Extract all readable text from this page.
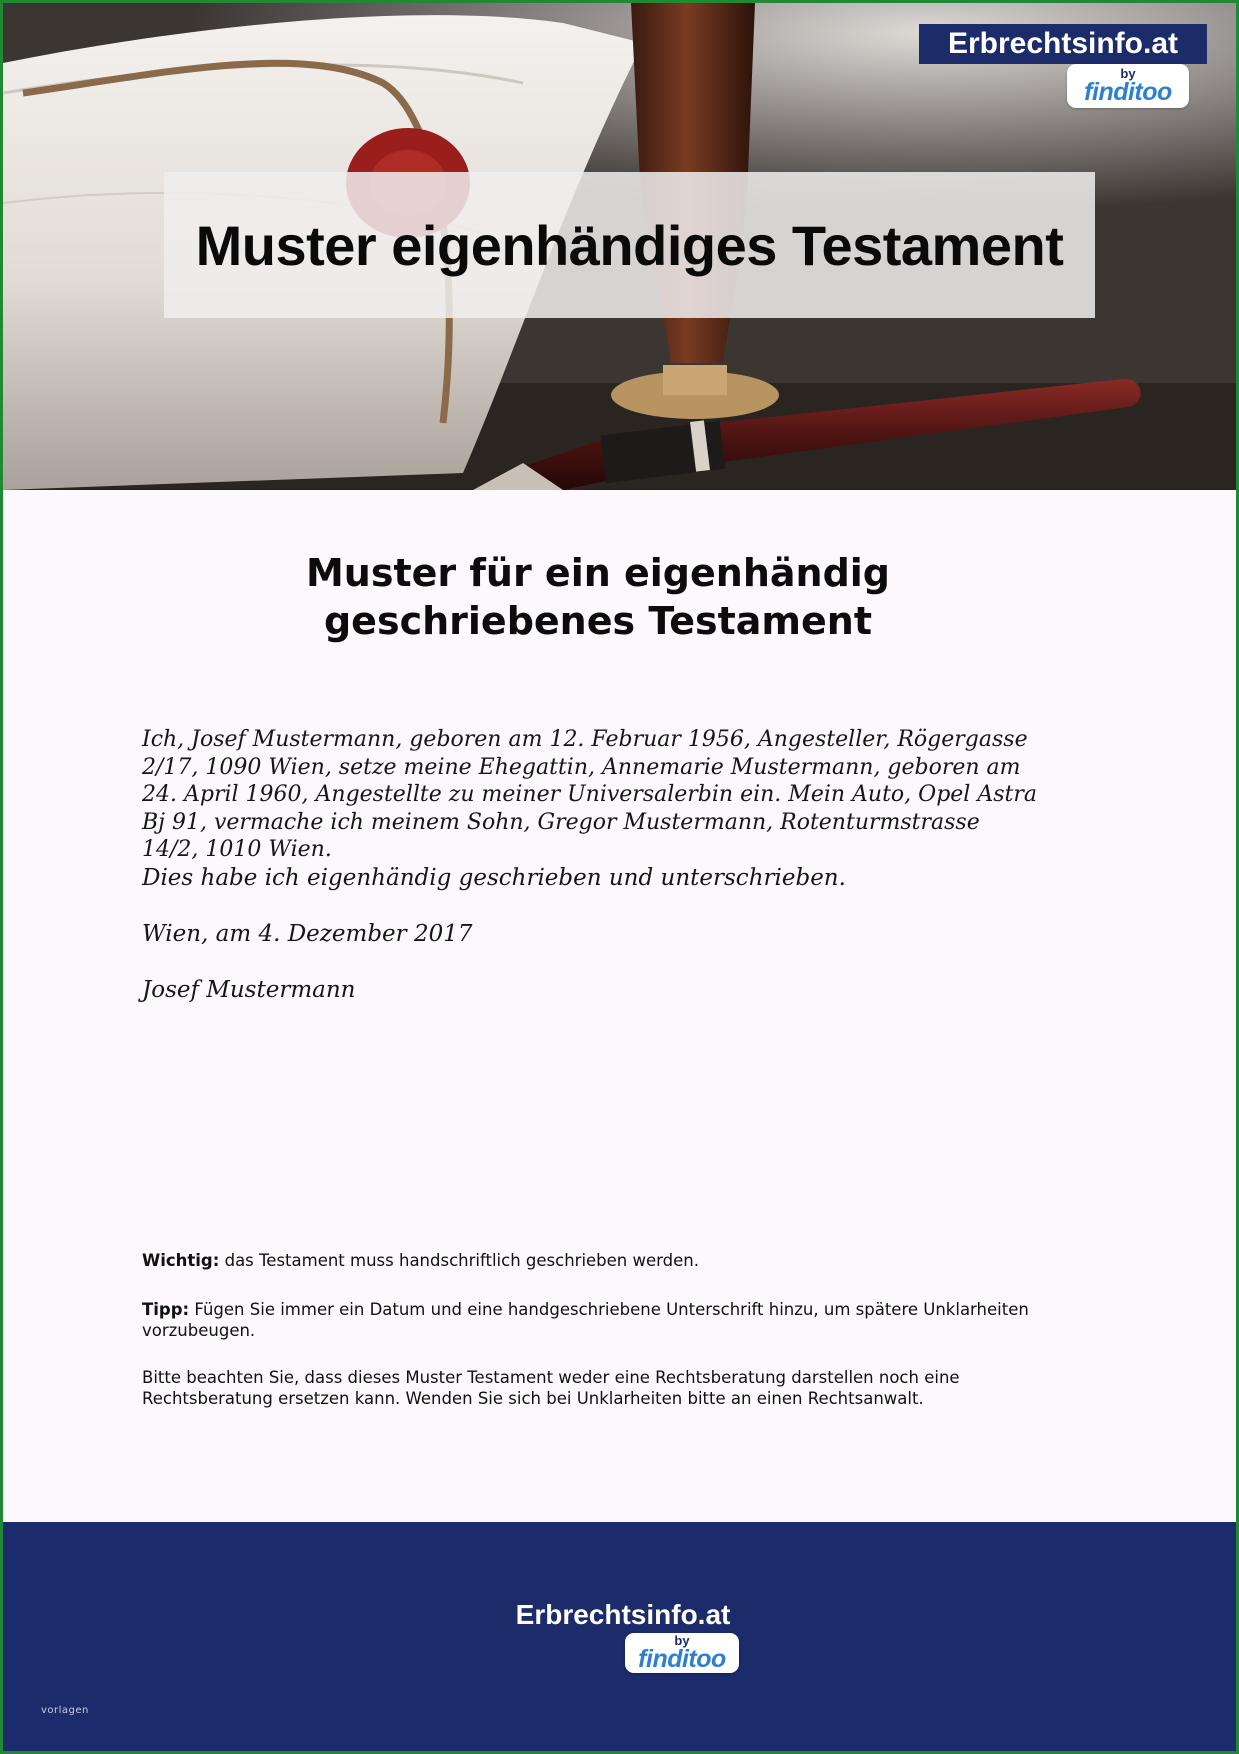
Muster eigenhändiges Testament
Erbrechtsinfo.at
by
finditoo
Muster für ein eigenhändig geschriebenes Testament

Ich, Josef Mustermann, geboren am 12. Februar 1956, Angesteller, Rögergasse 2/17, 1090 Wien, setze meine Ehegattin, Annemarie Mustermann, geboren am 24. April 1960, Angestellte zu meiner Universalerbin ein. Mein Auto, Opel Astra Bj 91, vermache ich meinem Sohn, Gregor Mustermann, Rotenturmstrasse 14/2, 1010 Wien.

Dies habe ich eigenhändig geschrieben und unterschrieben.

Wien, am 4. Dezember 2017

Josef Mustermann

Wichtig: das Testament muss handschriftlich geschrieben werden.

Tipp: Fügen Sie immer ein Datum und eine handgeschriebene Unterschrift hinzu, um spätere Unklarheiten vorzubeugen.

Bitte beachten Sie, dass dieses Muster Testament weder eine Rechtsberatung darstellen noch eine Rechtsberatung ersetzen kann. Wenden Sie sich bei Unklarheiten bitte an einen Rechtsanwalt.

Erbrechtsinfo.at
by
finditoo
vorlagen
